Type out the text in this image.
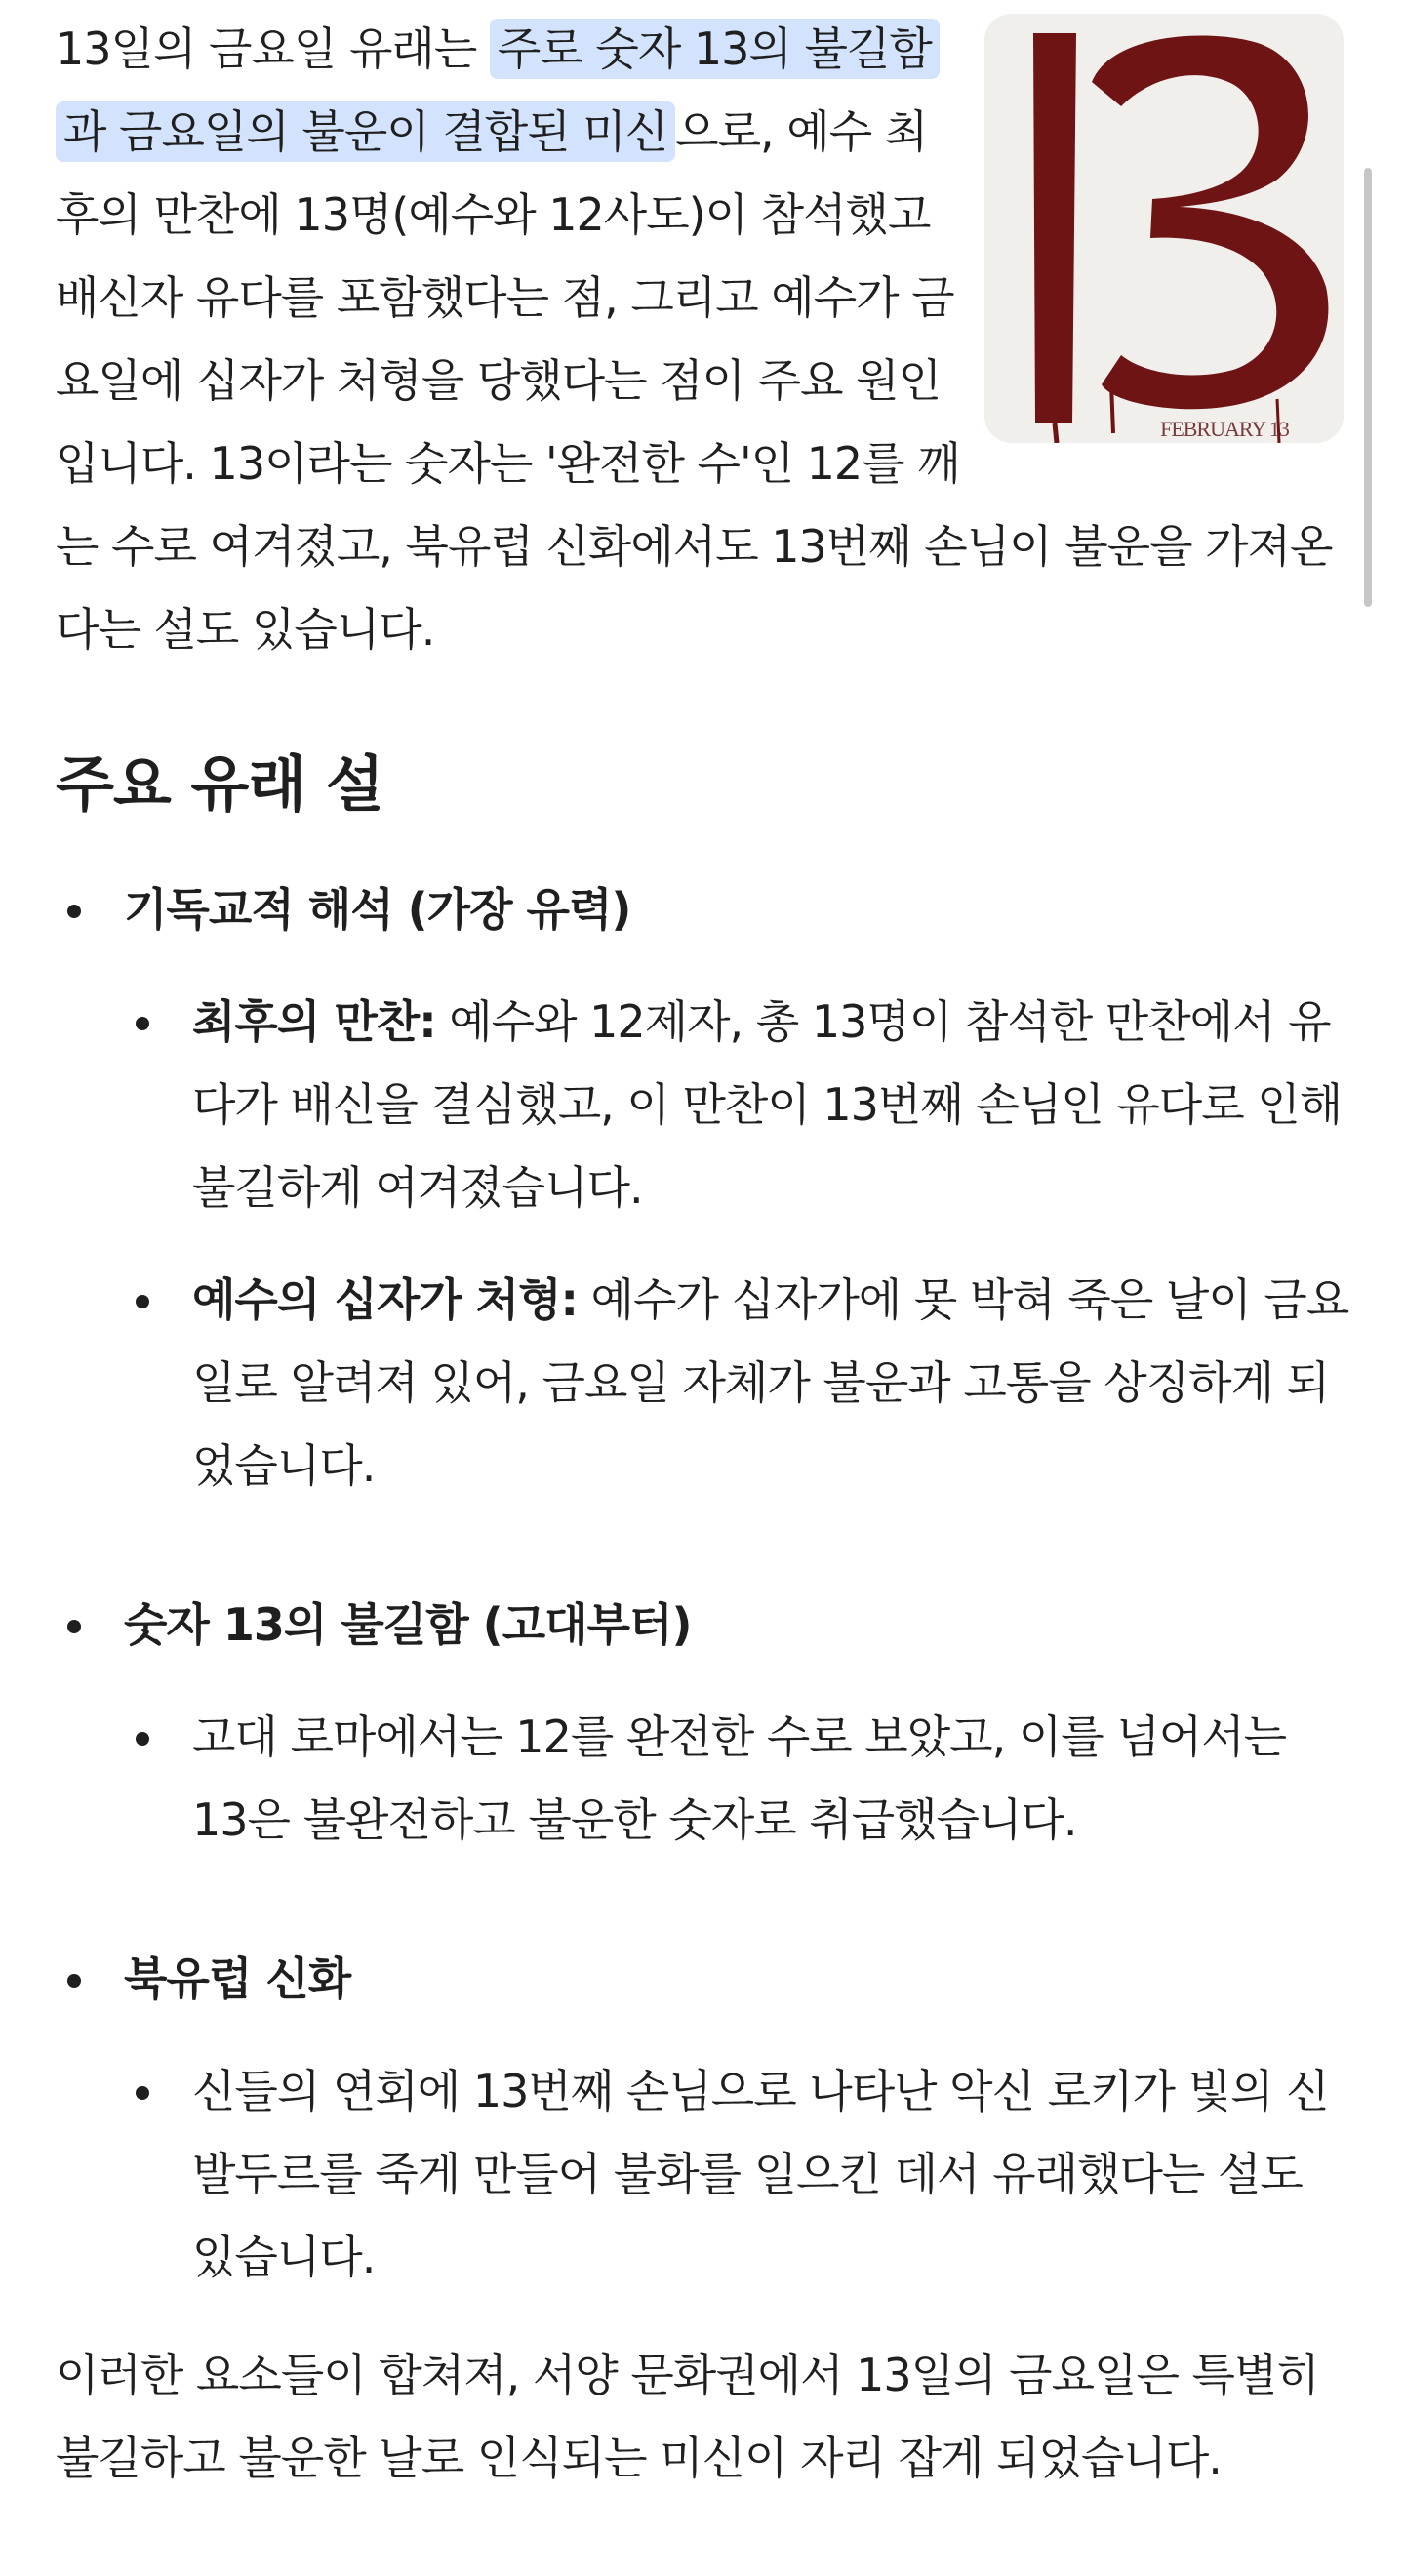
FEBRUARY 13
13일의 금요일 유래는 주로 숫자 13의 불길함과 금요일의 불운이 결합된 미신 으로, 예수 최후의 만찬에 13명(예수와 12사도)이 참석했고 배신자 유다를 포함했다는 점, 그리고 예수가 금요일에 십자가 처형을 당했다는 점이 주요 원인입니다. 13이라는 숫자는 '완전한 수'인 12를 깨는 수로 여겨졌고, 북유럽 신화에서도 13번째 손님이 불운을 가져온다는 설도 있습니다.

주요 유래 설
기독교적 해석 (가장 유력)
최후의 만찬: 예수와 12제자, 총 13명이 참석한 만찬에서 유다가 배신을 결심했고, 이 만찬이 13번째 손님인 유다로 인해 불길하게 여겨졌습니다.
예수의 십자가 처형: 예수가 십자가에 못 박혀 죽은 날이 금요일로 알려져 있어, 금요일 자체가 불운과 고통을 상징하게 되었습니다.
숫자 13의 불길함 (고대부터)
고대 로마에서는 12를 완전한 수로 보았고, 이를 넘어서는 13은 불완전하고 불운한 숫자로 취급했습니다.
북유럽 신화
신들의 연회에 13번째 손님으로 나타난 악신 로키가 빛의 신 발두르를 죽게 만들어 불화를 일으킨 데서 유래했다는 설도 있습니다.

이러한 요소들이 합쳐져, 서양 문화권에서 13일의 금요일은 특별히 불길하고 불운한 날로 인식되는 미신이 자리 잡게 되었습니다.
